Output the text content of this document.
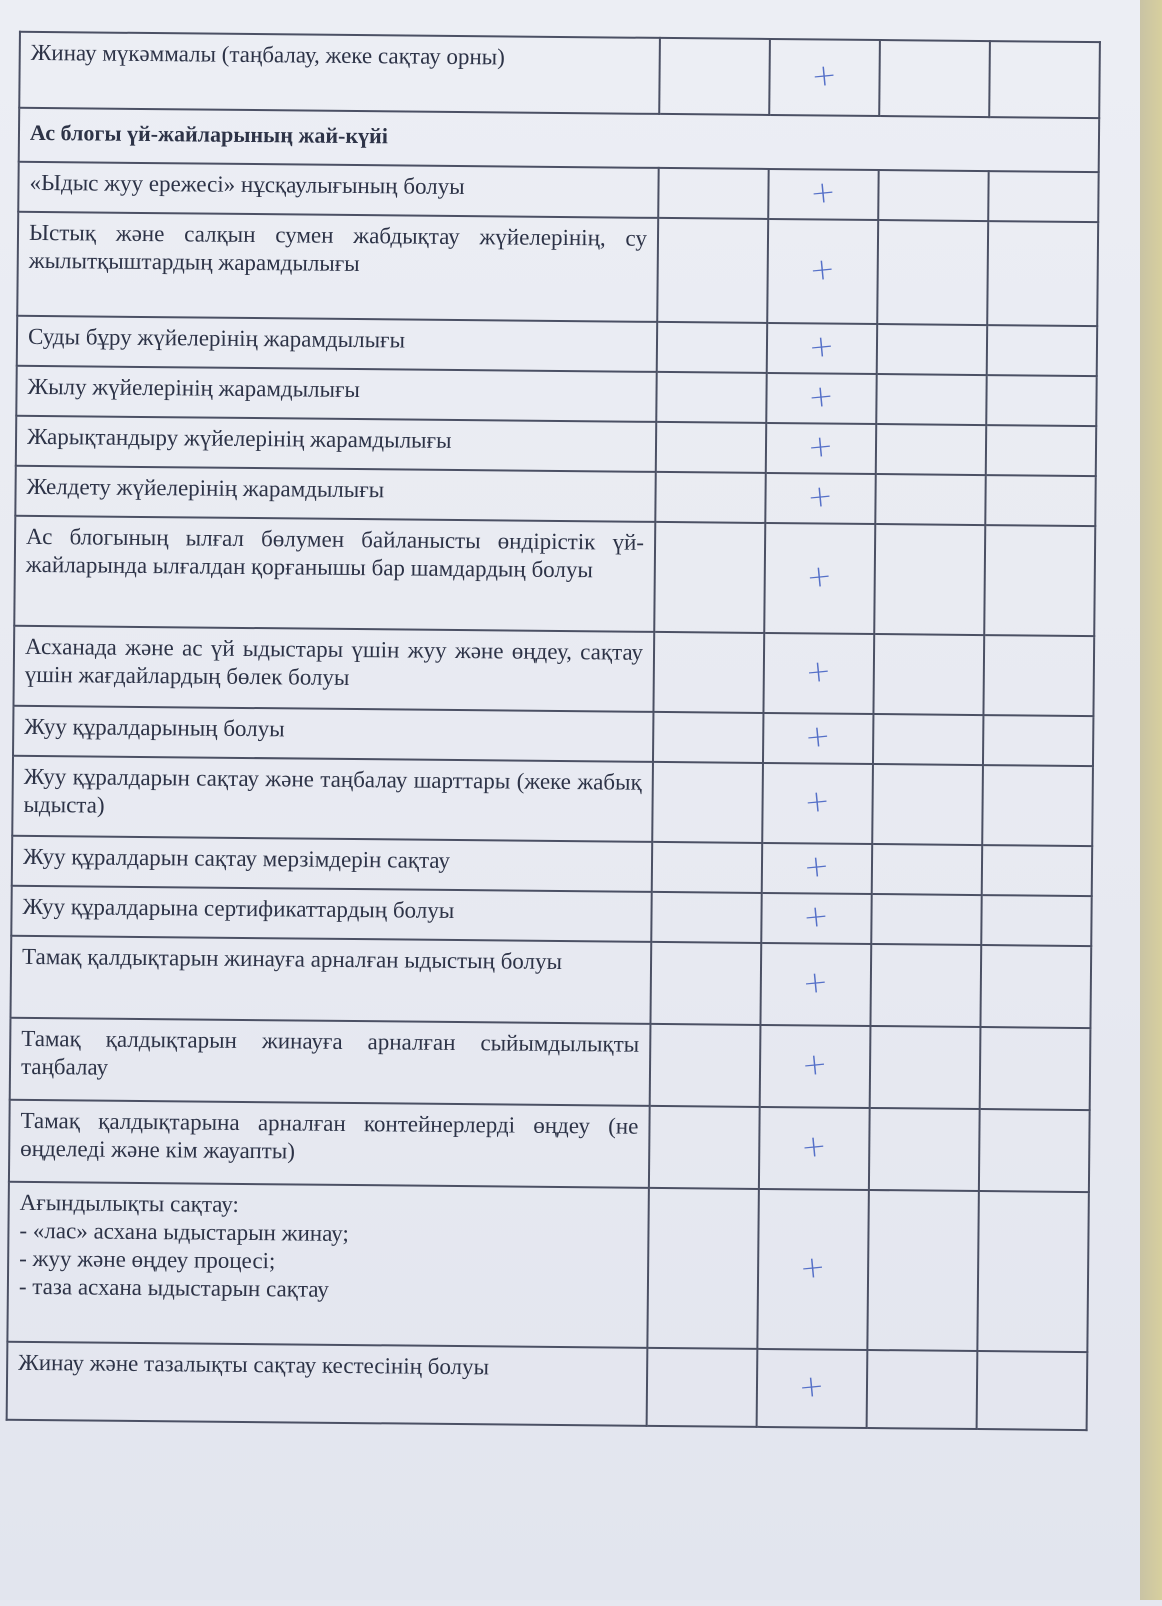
Жинау мүкәммалы (таңбалау, жеке сақтау орны)		+		
Ас блогы үй-жайларының жай-күйі				
«Ыдыс жуу ережесі» нұсқаулығының болуы		+		
Ыстық және салқын сумен жабдықтау жүйелерінің, су жылытқыштардың жарамдылығы		+		
Суды бұру жүйелерінің жарамдылығы		+		
Жылу жүйелерінің жарамдылығы		+		
Жарықтандыру жүйелерінің жарамдылығы		+		
Желдету жүйелерінің жарамдылығы		+		
Ас блогының ылғал бөлумен байланысты өндірістік үй-жайларында ылғалдан қорғанышы бар шамдардың болуы		+		
Асханада және ас үй ыдыстары үшін жуу және өңдеу, сақтау үшін жағдайлардың бөлек болуы		+		
Жуу құралдарының болуы		+		
Жуу құралдарын сақтау және таңбалау шарттары (жеке жабық ыдыста)		+		
Жуу құралдарын сақтау мерзімдерін сақтау		+		
Жуу құралдарына сертификаттардың болуы		+		
Тамақ қалдықтарын жинауға арналған ыдыстың болуы		+		
Тамақ қалдықтарын жинауға арналған сыйымдылықты таңбалау		+		
Тамақ қалдықтарына арналған контейнерлерді өңдеу (не өңделеді және кім жауапты)		+		

Ағындылықты сақтау:
- «лас» асхана ыдыстарын жинау;
- жуу және өңдеу процесі;
- таза асхана ыдыстарын сақтау		+		
Жинау және тазалықты сақтау кестесінің болуы		+		
